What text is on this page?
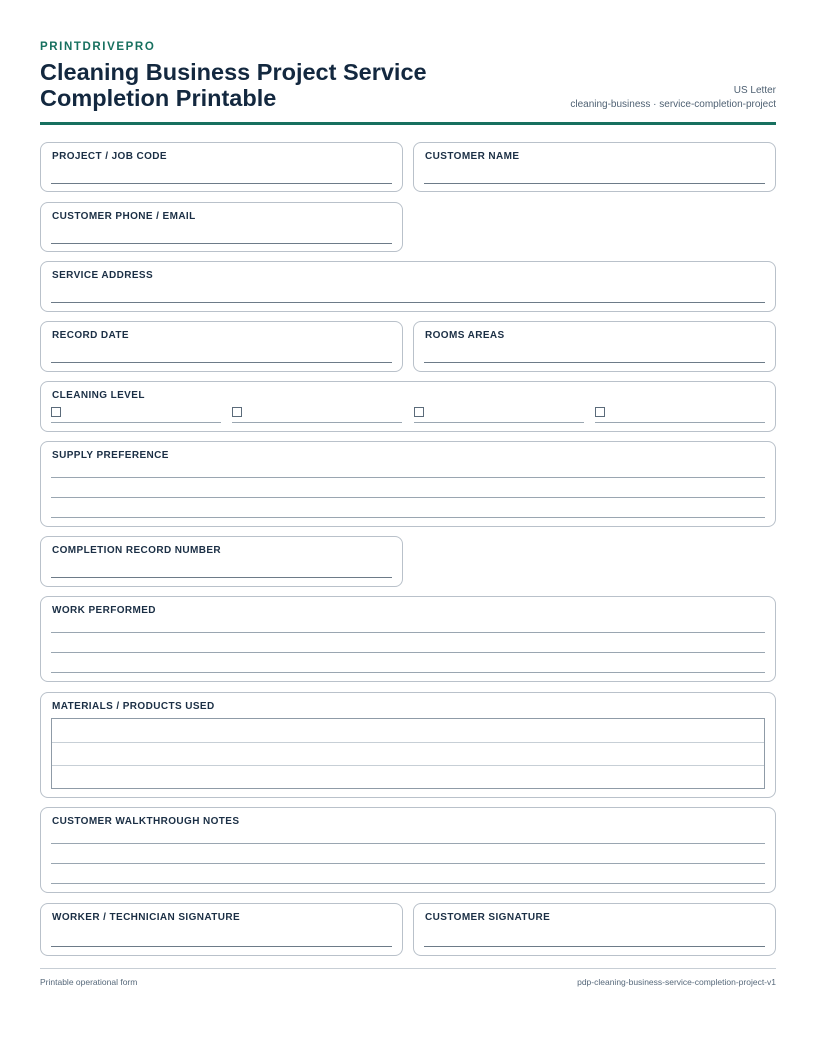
PRINTDRIVEPRO
Cleaning Business Project Service Completion Printable	US Letter
cleaning-business · service-completion-project
PROJECT / JOB CODE	CUSTOMER NAME
CUSTOMER PHONE / EMAIL
SERVICE ADDRESS
RECORD DATE	ROOMS AREAS
CLEANING LEVEL
SUPPLY PREFERENCE
COMPLETION RECORD NUMBER
WORK PERFORMED
MATERIALS / PRODUCTS USED
CUSTOMER WALKTHROUGH NOTES
WORKER / TECHNICIAN SIGNATURE	CUSTOMER SIGNATURE
Printable operational form	pdp-cleaning-business-service-completion-project-v1
